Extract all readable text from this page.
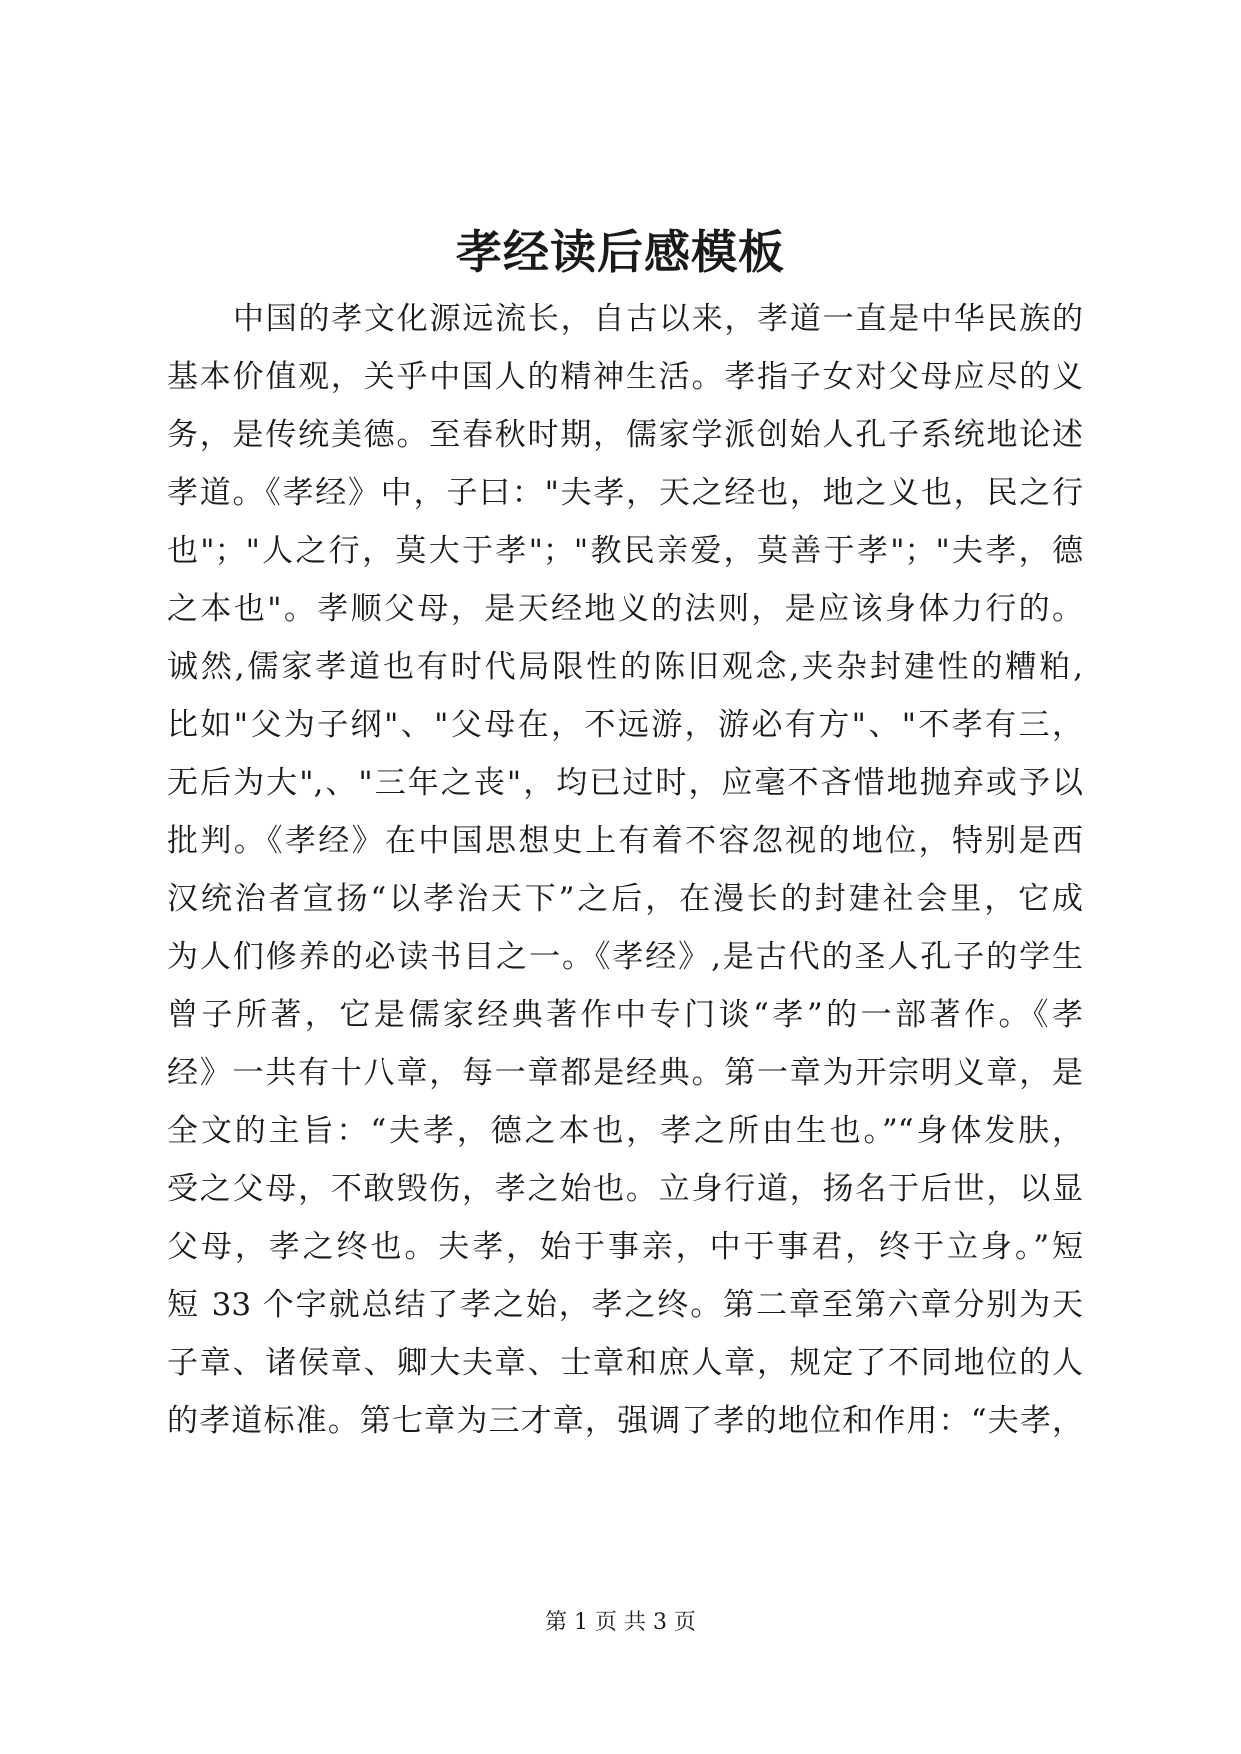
孝经读后感模板
中国的孝文化源远流长，自古以来，孝道一直是中华民族的
基本价值观，关乎中国人的精神生活。孝指子女对父母应尽的义
务，是传统美德。至春秋时期，儒家学派创始人孔子系统地论述
孝道。《孝经》中，子曰："夫孝，天之经也，地之义也，民之行
也"；"人之行，莫大于孝"；"教民亲爱，莫善于孝"；"夫孝，德
之本也"。孝顺父母，是天经地义的法则，是应该身体力行的。
诚然,儒家孝道也有时代局限性的陈旧观念,夹杂封建性的糟粕,
比如"父为子纲"、"父母在，不远游，游必有方"、"不孝有三，
无后为大",、"三年之丧"，均已过时，应毫不吝惜地抛弃或予以
批判。《孝经》在中国思想史上有着不容忽视的地位，特别是西
汉统治者宣扬“以孝治天下”之后，在漫长的封建社会里，它成
为人们修养的必读书目之一。《孝经》,是古代的圣人孔子的学生
曾子所著，它是儒家经典著作中专门谈“孝”的一部著作。《孝
经》一共有十八章，每一章都是经典。第一章为开宗明义章，是
全文的主旨：“夫孝，德之本也，孝之所由生也。”“身体发肤，
受之父母，不敢毁伤，孝之始也。立身行道，扬名于后世，以显
父母，孝之终也。夫孝，始于事亲，中于事君，终于立身。”短
短 33 个字就总结了孝之始，孝之终。第二章至第六章分别为天
子章、诸侯章、卿大夫章、士章和庶人章，规定了不同地位的人
的孝道标准。第七章为三才章，强调了孝的地位和作用：“夫孝，
第 1 页 共 3 页
